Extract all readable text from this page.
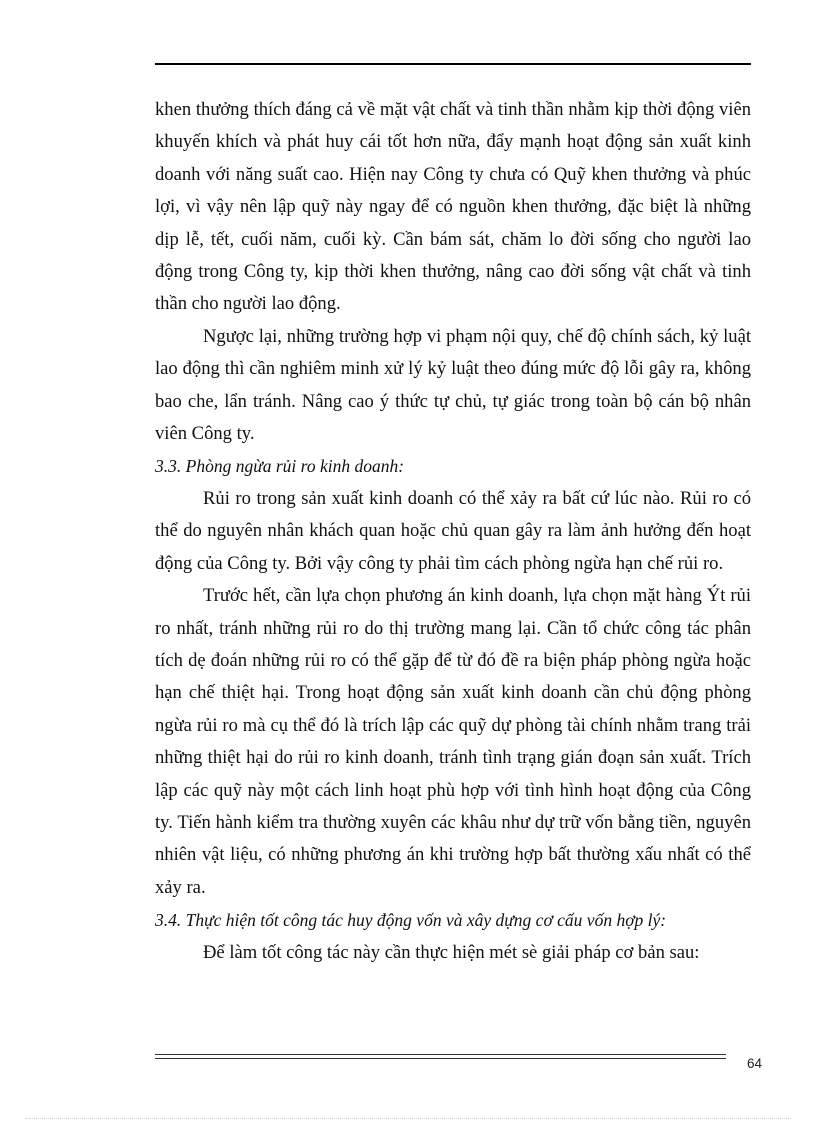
khen thưởng thích đáng cả về mặt vật chất và tinh thần nhằm kịp thời động viên khuyến khích và phát huy cái tốt hơn nữa, đẩy mạnh hoạt động sản xuất kinh doanh với năng suất cao. Hiện nay Công ty chưa có Quỹ khen thưởng và phúc lợi, vì vậy nên lập quỹ này ngay để có nguồn khen thưởng, đặc biệt là những dịp lễ, tết, cuối năm, cuối kỳ. Cần bám sát, chăm lo đời sống cho người lao động trong Công ty, kịp thời khen thưởng, nâng cao đời sống vật chất và tinh thần cho người lao động.

Ngược lại, những trường hợp vi phạm nội quy, chế độ chính sách, kỷ luật lao động thì cần nghiêm minh xử lý kỷ luật theo đúng mức độ lỗi gây ra, không bao che, lẩn tránh. Nâng cao ý thức tự chủ, tự giác trong toàn bộ cán bộ nhân viên Công ty.

3.3. Phòng ngừa rủi ro kinh doanh:

Rủi ro trong sản xuất kinh doanh có thể xảy ra bất cứ lúc nào. Rủi ro có thể do nguyên nhân khách quan hoặc chủ quan gây ra làm ảnh hưởng đến hoạt động của Công ty. Bởi vậy công ty phải tìm cách phòng ngừa hạn chế rủi ro.

Trước hết, cần lựa chọn phương án kinh doanh, lựa chọn mặt hàng Ýt rủi ro nhất, tránh những rủi ro do thị trường mang lại. Cần tổ chức công tác phân tích dẹ đoán những rủi ro có thể gặp để từ đó đề ra biện pháp phòng ngừa hoặc hạn chế thiệt hại. Trong hoạt động sản xuất kinh doanh cần chủ động phòng ngừa rủi ro mà cụ thể đó là trích lập các quỹ dự phòng tài chính nhằm trang trải những thiệt hại do rủi ro kinh doanh, tránh tình trạng gián đoạn sản xuất. Trích lập các quỹ này một cách linh hoạt phù hợp với tình hình hoạt động của Công ty. Tiến hành kiểm tra thường xuyên các khâu như dự trữ vốn bằng tiền, nguyên nhiên vật liệu, có những phương án khi trường hợp bất thường xấu nhất có thể xảy ra.

3.4. Thực hiện tốt công tác huy động vốn và xây dựng cơ cấu vốn hợp lý:

Để làm tốt công tác này cần thực hiện mét sè giải pháp cơ bản sau:

64
